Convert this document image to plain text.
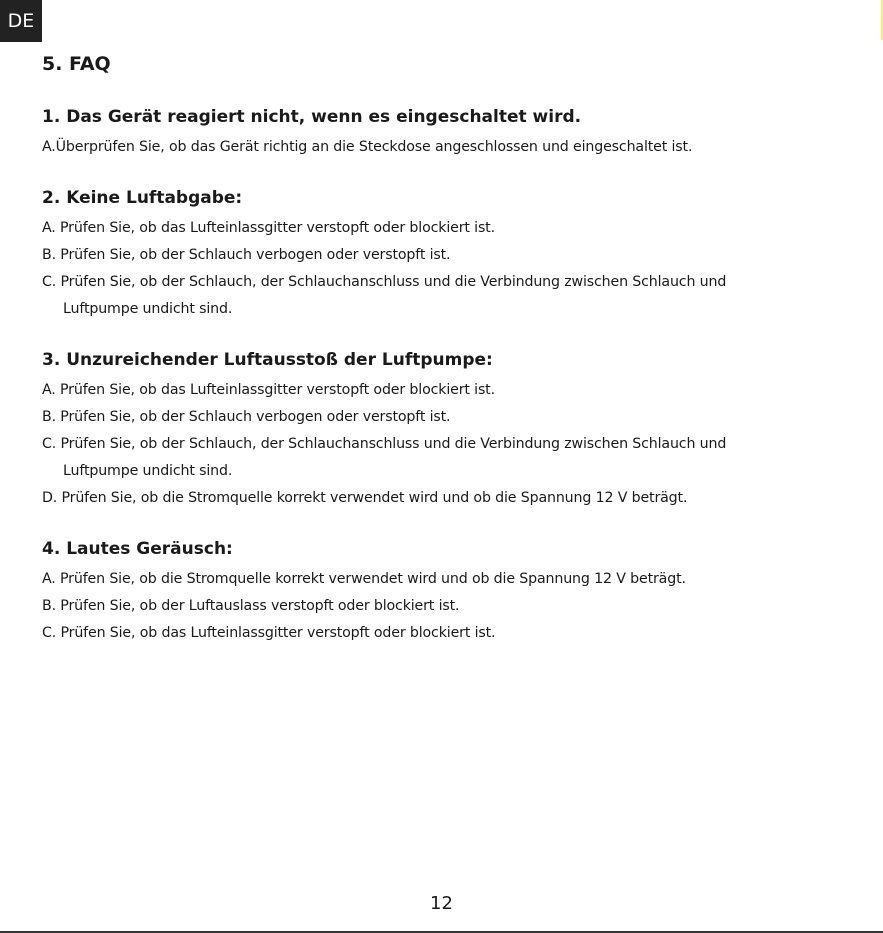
DE
5. FAQ
1. Das Gerät reagiert nicht, wenn es eingeschaltet wird.

A.Überprüfen Sie, ob das Gerät richtig an die Steckdose angeschlossen und eingeschaltet ist.

2. Keine Luftabgabe:

A. Prüfen Sie, ob das Lufteinlassgitter verstopft oder blockiert ist.

B. Prüfen Sie, ob der Schlauch verbogen oder verstopft ist.

C. Prüfen Sie, ob der Schlauch, der Schlauchanschluss und die Verbindung zwischen Schlauch und

Luftpumpe undicht sind.

3. Unzureichender Luftausstoß der Luftpumpe:

A. Prüfen Sie, ob das Lufteinlassgitter verstopft oder blockiert ist.

B. Prüfen Sie, ob der Schlauch verbogen oder verstopft ist.

C. Prüfen Sie, ob der Schlauch, der Schlauchanschluss und die Verbindung zwischen Schlauch und

Luftpumpe undicht sind.

D. Prüfen Sie, ob die Stromquelle korrekt verwendet wird und ob die Spannung 12 V beträgt.

4. Lautes Geräusch:

A. Prüfen Sie, ob die Stromquelle korrekt verwendet wird und ob die Spannung 12 V beträgt.

B. Prüfen Sie, ob der Luftauslass verstopft oder blockiert ist.

C. Prüfen Sie, ob das Lufteinlassgitter verstopft oder blockiert ist.

12
